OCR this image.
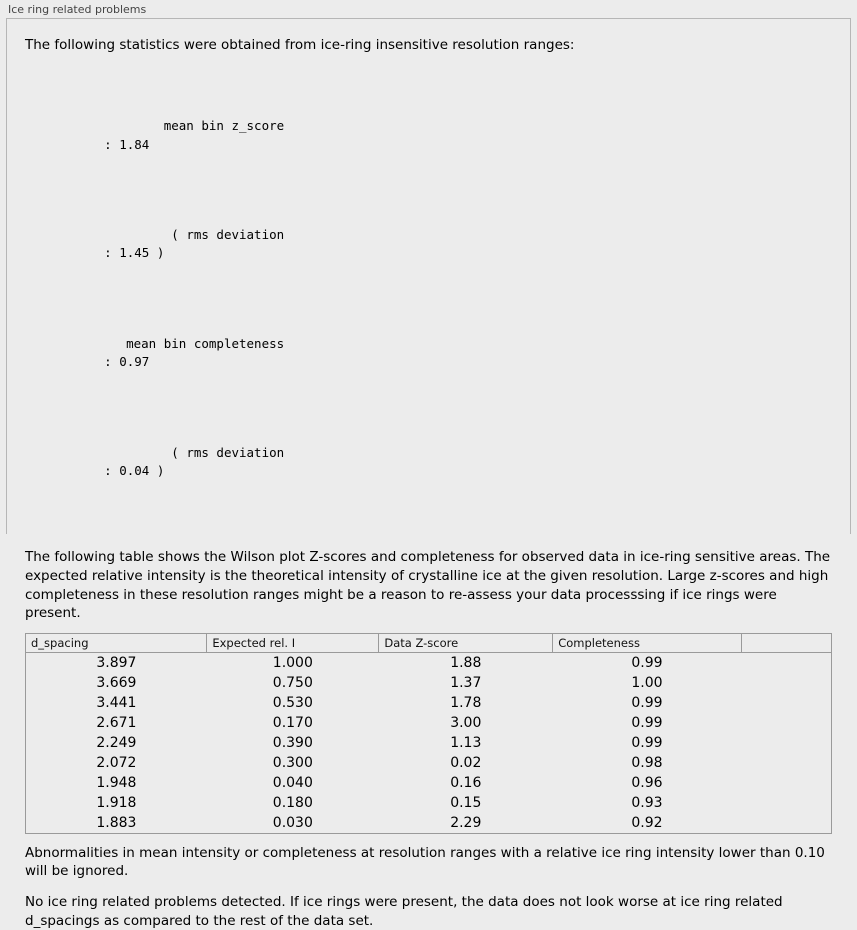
Ice ring related problems
The following statistics were obtained from ice-ring insensitive resolution ranges:

mean bin z_score
: 1.84

( rms deviation
: 1.45 )

mean bin completeness
: 0.97

( rms deviation
: 0.04 )

The following table shows the Wilson plot Z-scores and completeness for observed data in ice-ring sensitive areas. The expected relative intensity is the theoretical intensity of crystalline ice at the given resolution. Large z-scores and high completeness in these resolution ranges might be a reason to re-assess your data processsing if ice rings were present.
d_spacing	Expected rel. I	Data Z-score	Completeness	
3.897	1.000	1.88	0.99	
3.669	0.750	1.37	1.00	
3.441	0.530	1.78	0.99	
2.671	0.170	3.00	0.99	
2.249	0.390	1.13	0.99	
2.072	0.300	0.02	0.98	
1.948	0.040	0.16	0.96	
1.918	0.180	0.15	0.93	
1.883	0.030	2.29	0.92	
Abnormalities in mean intensity or completeness at resolution ranges with a relative ice ring intensity lower than 0.10 will be ignored.
No ice ring related problems detected. If ice rings were present, the data does not look worse at ice ring related d_spacings as compared to the rest of the data set.
